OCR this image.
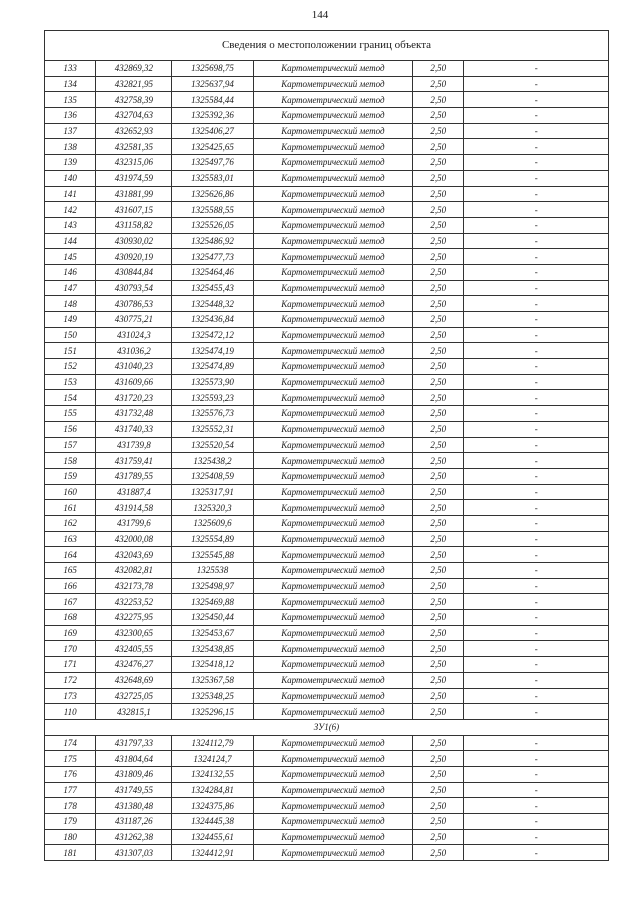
144
Сведения о местоположении границ объекта					
133	432869,32	1325698,75	Картометрический метод	2,50	-
134	432821,95	1325637,94	Картометрический метод	2,50	-
135	432758,39	1325584,44	Картометрический метод	2,50	-
136	432704,63	1325392,36	Картометрический метод	2,50	-
137	432652,93	1325406,27	Картометрический метод	2,50	-
138	432581,35	1325425,65	Картометрический метод	2,50	-
139	432315,06	1325497,76	Картометрический метод	2,50	-
140	431974,59	1325583,01	Картометрический метод	2,50	-
141	431881,99	1325626,86	Картометрический метод	2,50	-
142	431607,15	1325588,55	Картометрический метод	2,50	-
143	431158,82	1325526,05	Картометрический метод	2,50	-
144	430930,02	1325486,92	Картометрический метод	2,50	-
145	430920,19	1325477,73	Картометрический метод	2,50	-
146	430844,84	1325464,46	Картометрический метод	2,50	-
147	430793,54	1325455,43	Картометрический метод	2,50	-
148	430786,53	1325448,32	Картометрический метод	2,50	-
149	430775,21	1325436,84	Картометрический метод	2,50	-
150	431024,3	1325472,12	Картометрический метод	2,50	-
151	431036,2	1325474,19	Картометрический метод	2,50	-
152	431040,23	1325474,89	Картометрический метод	2,50	-
153	431609,66	1325573,90	Картометрический метод	2,50	-
154	431720,23	1325593,23	Картометрический метод	2,50	-
155	431732,48	1325576,73	Картометрический метод	2,50	-
156	431740,33	1325552,31	Картометрический метод	2,50	-
157	431739,8	1325520,54	Картометрический метод	2,50	-
158	431759,41	1325438,2	Картометрический метод	2,50	-
159	431789,55	1325408,59	Картометрический метод	2,50	-
160	431887,4	1325317,91	Картометрический метод	2,50	-
161	431914,58	1325320,3	Картометрический метод	2,50	-
162	431799,6	1325609,6	Картометрический метод	2,50	-
163	432000,08	1325554,89	Картометрический метод	2,50	-
164	432043,69	1325545,88	Картометрический метод	2,50	-
165	432082,81	1325538	Картометрический метод	2,50	-
166	432173,78	1325498,97	Картометрический метод	2,50	-
167	432253,52	1325469,88	Картометрический метод	2,50	-
168	432275,95	1325450,44	Картометрический метод	2,50	-
169	432300,65	1325453,67	Картометрический метод	2,50	-
170	432405,55	1325438,85	Картометрический метод	2,50	-
171	432476,27	1325418,12	Картометрический метод	2,50	-
172	432648,69	1325367,58	Картометрический метод	2,50	-
173	432725,05	1325348,25	Картометрический метод	2,50	-
110	432815,1	1325296,15	Картометрический метод	2,50	-
ЗУ1(6)					
174	431797,33	1324112,79	Картометрический метод	2,50	-
175	431804,64	1324124,7	Картометрический метод	2,50	-
176	431809,46	1324132,55	Картометрический метод	2,50	-
177	431749,55	1324284,81	Картометрический метод	2,50	-
178	431380,48	1324375,86	Картометрический метод	2,50	-
179	431187,26	1324445,38	Картометрический метод	2,50	-
180	431262,38	1324455,61	Картометрический метод	2,50	-
181	431307,03	1324412,91	Картометрический метод	2,50	-
